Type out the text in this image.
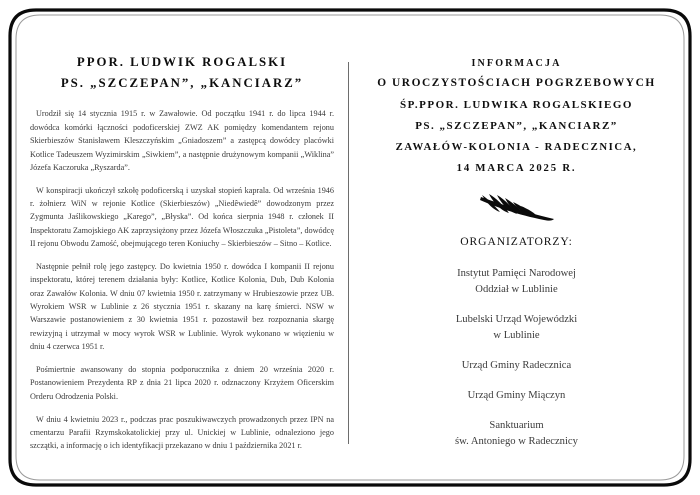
PPOR. LUDWIK ROGALSKI
PS. „SZCZEPAN”, „KANCIARZ”

Urodził się 14 stycznia 1915 r. w Zawałowie. Od początku 1941 r. do lipca 1944 r. dowódca komórki łączności podoficerskiej ZWZ AK pomiędzy komendantem rejonu Skierbieszów Stanisławem Kleszczyńskim „Gniadoszem” a zastępcą dowódcy placówki Kotlice Tadeuszem Wyzimirskim „Siwkiem”, a następnie drużynowym kompanii „Wiklina” Józefa Kaczoruka „Ryszarda”.

W konspiracji ukończył szkołę podoficerską i uzyskał stopień kaprala. Od września 1946 r. żołnierz WiN w rejonie Kotlice (Skierbieszów) „Niedêwiedê” dowodzonym przez Zygmunta Jaślikowskiego „Karego”, „Błyska”. Od końca sierpnia 1948 r. członek II Inspektoratu Zamojskiego AK zaprzysiężony przez Józefa Włoszczuka „Pistoleta”, dowódcę II rejonu Obwodu Zamość, obejmującego teren Koniuchy – Skierbieszów – Sitno – Kotlice.

Następnie pełnił rolę jego zastępcy. Do kwietnia 1950 r. dowódca I kompanii II rejonu inspektoratu, której terenem działania były: Kotlice, Kotlice Kolonia, Dub, Dub Kolonia oraz Zawałów Kolonia. W dniu 07 kwietnia 1950 r. zatrzymany w Hrubieszowie przez UB. Wyrokiem WSR w Lublinie z 26 stycznia 1951 r. skazany na karę śmierci. NSW w Warszawie postanowieniem z 30 kwietnia 1951 r. pozostawił bez rozpoznania skargę rewizyjną i utrzymał w mocy wyrok WSR w Lublinie. Wyrok wykonano w więzieniu w dniu 4 czerwca 1951 r.

Pośmiertnie awansowany do stopnia podporucznika z dniem 20 września 2020 r. Postanowieniem Prezydenta RP z dnia 21 lipca 2020 r. odznaczony Krzyżem Oficerskim Orderu Odrodzenia Polski.

W dniu 4 kwietniu 2023 r., podczas prac poszukiwawczych prowadzonych przez IPN na cmentarzu Parafii Rzymskokatolickiej przy ul. Unickiej w Lublinie, odnaleziono jego szczątki, a informację o ich identyfikacji przekazano w dniu 1 października 2021 r.

INFORMACJA
O UROCZYSTOŚCIACH POGRZEBOWYCH
ŚP.PPOR. LUDWIKA ROGALSKIEGO
PS. „SZCZEPAN”, „KANCIARZ”
ZAWAŁÓW-KOLONIA - RADECZNICA,
14 MARCA 2025 R.
ORGANIZATORZY:
Instytut Pamięci Narodowej
Oddział w Lublinie
Lubelski Urząd Wojewódzki
w Lublinie
Urząd Gminy Radecznica
Urząd Gminy Miączyn
Sanktuarium
św. Antoniego w Radecznicy
